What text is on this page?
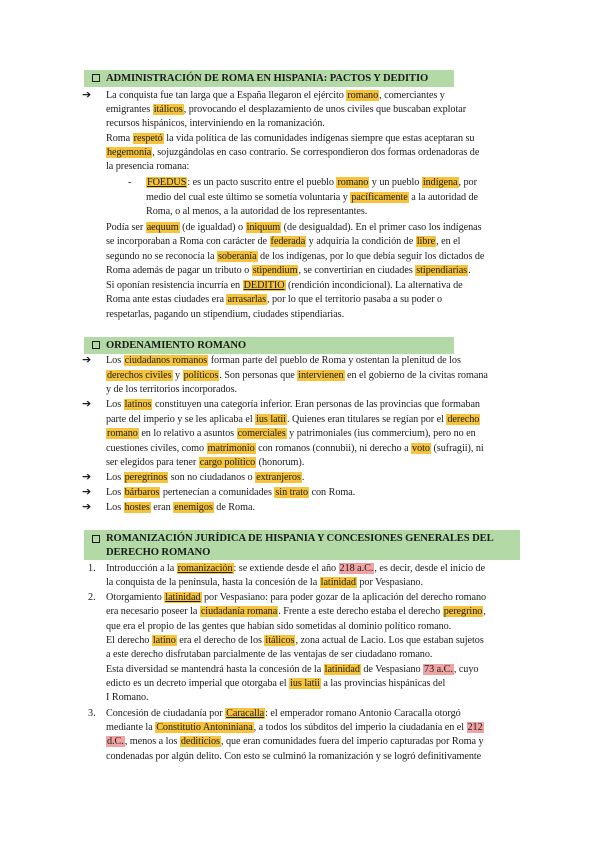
ADMINISTRACIÓN DE ROMA EN HISPANIA: PACTOS Y DEDITIO
➔ La conquista fue tan larga que a España llegaron el ejército romano, comerciantes y
emigrantes itálicos, provocando el desplazamiento de unos civiles que buscaban explotar
recursos hispánicos, interviniendo en la romanización.
Roma respetó la vida política de las comunidades indígenas siempre que estas aceptaran su
hegemonía, sojuzgándolas en caso contrario. Se correspondieron dos formas ordenadoras de
la presencia romana:
FOEDUS: es un pacto suscrito entre el pueblo romano y un pueblo indígena, por
medio del cual este último se sometía voluntaria y pacíficamente a la autoridad de
Roma, o al menos, a la autoridad de los representantes.
Podía ser aequum (de igualdad) o iniquum (de desigualdad). En el primer caso los indígenas
se incorporaban a Roma con carácter de federada y adquiría la condición de libre, en el
segundo no se reconocía la soberanía de los indígenas, por lo que debía seguir los dictados de
Roma además de pagar un tributo o stipendium, se convertirían en ciudades stipendiarias.
Si oponían resistencia incurría en DEDITIO (rendición incondicional). La alternativa de
Roma ante estas ciudades era arrasarlas, por lo que el territorio pasaba a su poder o
respetarlas, pagando un stipendium, ciudades stipendiarias.
-
ORDENAMIENTO ROMANO
Los ciudadanos romanos forman parte del pueblo de Roma y ostentan la plenitud de los
derechos civiles y políticos. Son personas que intervienen en el gobierno de la civitas romana
y de los territorios incorporados.
Los latinos constituyen una categoría inferior. Eran personas de las provincias que formaban
parte del imperio y se les aplicaba el ius latii. Quienes eran titulares se regían por el derecho
romano en lo relativo a asuntos comerciales y patrimoniales (ius commercium), pero no en
cuestiones civiles, como matrimonio con romanos (connubii), ni derecho a voto (sufragii), ni
ser elegidos para tener cargo político (honorum).
Los peregrinos son no ciudadanos o extranjeros.
Los bárbaros pertenecían a comunidades sin trato con Roma.
Los hostes eran enemigos de Roma.
➔
➔
➔
➔
➔
ROMANIZACIÓN JURÍDICA DE HISPANIA Y CONCESIONES GENERALES DEL
DERECHO ROMANO
Introducción a la romanización: se extiende desde el año 218 a.C., es decir, desde el inicio de
la conquista de la península, hasta la concesión de la latinidad por Vespasiano.
Otorgamiento latinidad por Vespasiano: para poder gozar de la aplicación del derecho romano
era necesario poseer la ciudadanía romana. Frente a este derecho estaba el derecho peregrino,
que era el propio de las gentes que habían sido sometidas al dominio político romano.
El derecho latino era el derecho de los itálicos, zona actual de Lacio. Los que estaban sujetos
a este derecho disfrutaban parcialmente de las ventajas de ser ciudadano romano.
Esta diversidad se mantendrá hasta la concesión de la latinidad de Vespasiano 73 a.C., cuyo
edicto es un decreto imperial que otorgaba el ius latii a las provincias hispánicas del
I Romano.
Concesión de ciudadanía por Caracalla: el emperador romano Antonio Caracalla otorgó
mediante la Constitutio Antoniniana, a todos los súbditos del imperio la ciudadanía en el 212
d.C., menos a los dediticios, que eran comunidades fuera del imperio capturadas por Roma y
condenadas por algún delito. Con esto se culminó la romanización y se logró definitivamente
1.
2.
3.
